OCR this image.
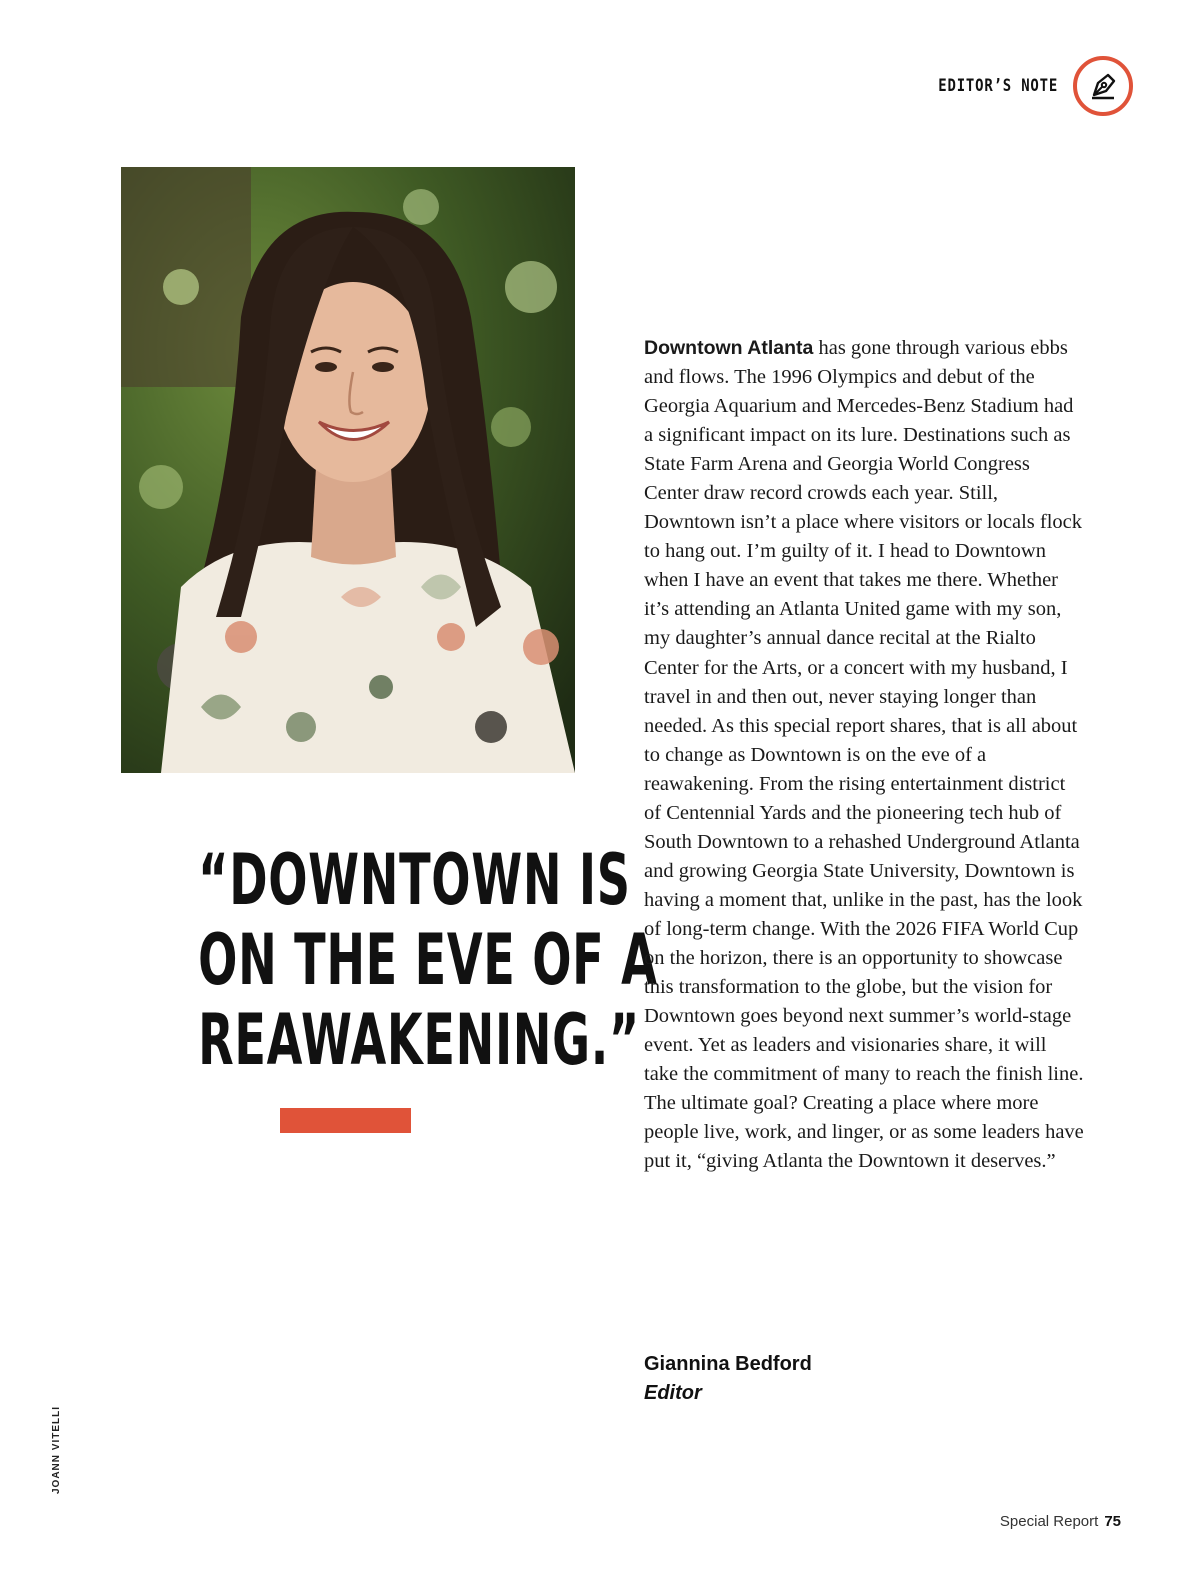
EDITOR’S NOTE
“DOWNTOWN IS
ON THE EVE OF A
REAWAKENING.”
Downtown Atlanta has gone through various ebbs and flows. The 1996 Olympics and debut of the Georgia Aquarium and Mercedes-Benz Stadium had a significant impact on its lure. Destinations such as State Farm Arena and Georgia World Congress Center draw record crowds each year. Still, Downtown isn’t a place where visitors or locals flock to hang out. I’m guilty of it. I head to Downtown when I have an event that takes me there. Whether it’s attending an Atlanta United game with my son, my daughter’s annual dance recital at the Rialto Center for the Arts, or a concert with my husband, I travel in and then out, never staying longer than needed. As this special report shares, that is all about to change as Downtown is on the eve of a reawakening. From the rising entertainment district of Centennial Yards and the pioneering tech hub of South Downtown to a rehashed Underground Atlanta and growing Georgia State University, Downtown is having a moment that, unlike in the past, has the look of long-term change. With the 2026 FIFA World Cup on the horizon, there is an opportunity to showcase this transformation to the globe, but the vision for Downtown goes beyond next summer’s world-stage event. Yet as leaders and visionaries share, it will take the commitment of many to reach the finish line. The ultimate goal? Creating a place where more people live, work, and linger, or as some leaders have put it, “giving Atlanta the Downtown it deserves.”
Giannina Bedford
Editor
JOANN VITELLI
Special Report 75
